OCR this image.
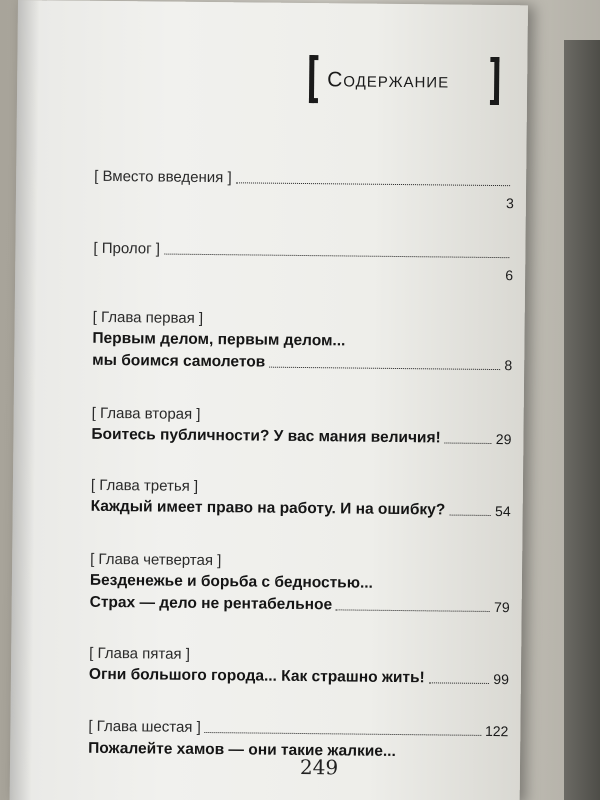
Содержание
[ Вместо введения ]
3
[ Пролог ]
6
[ Глава первая ]
Первым делом, первым делом...
мы боимся самолетов	8
[ Глава вторая ]
Боитесь публичности? У вас мания величия!	29
[ Глава третья ]
Каждый имеет право на работу. И на ошибку?	54
[ Глава четвертая ]
Безденежье и борьба с бедностью...
Страх — дело не рентабельное	79
[ Глава пятая ]
Огни большого города... Как страшно жить!	99
[ Глава шестая ]	122
Пожалейте хамов — они такие жалкие...
249
